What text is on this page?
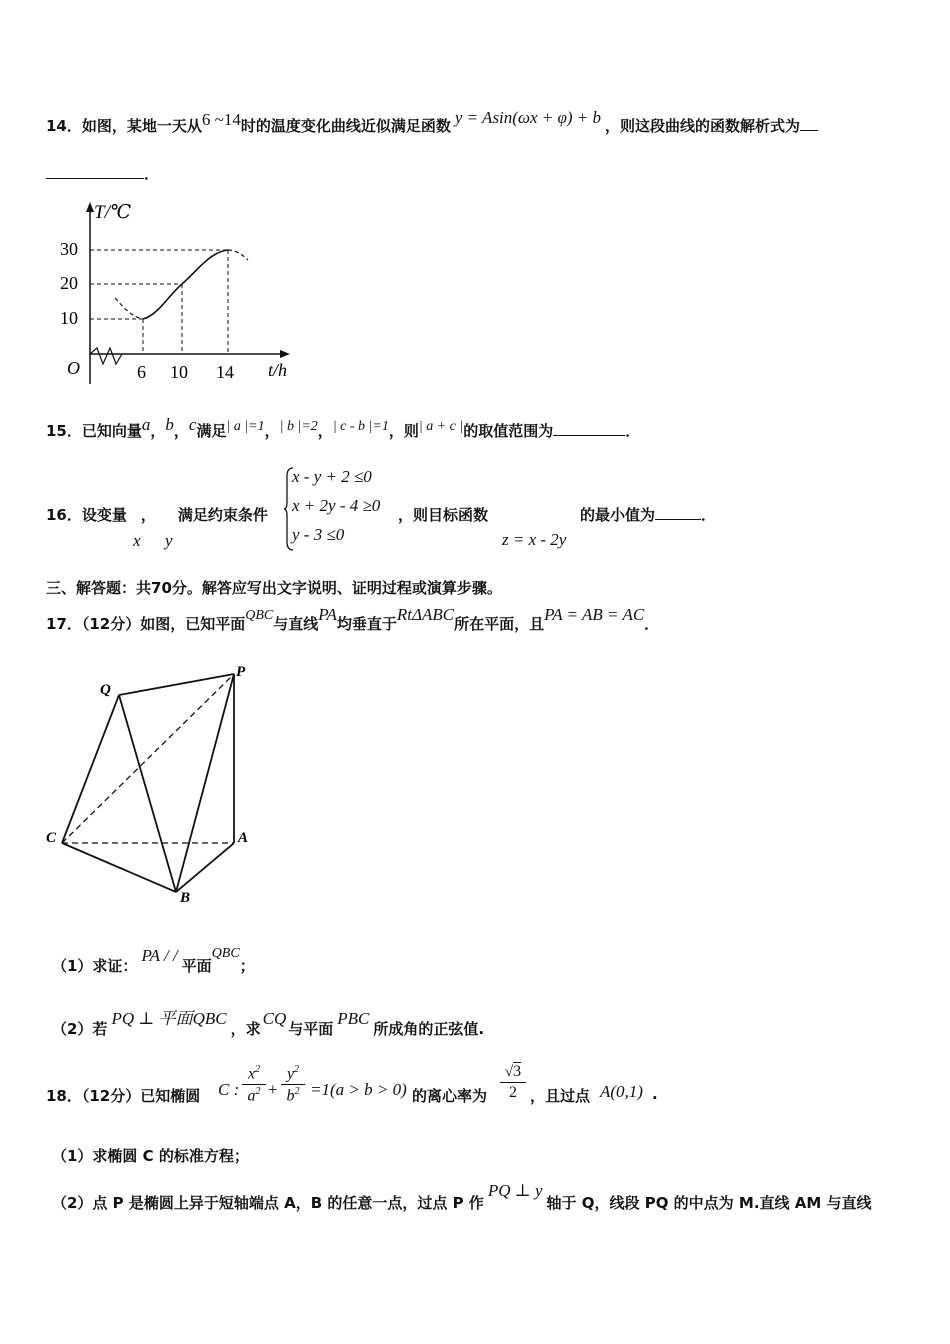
14．如图，某地一天从6 ~14时的温度变化曲线近似满足函数 y = Asin(ωx + φ) + b ，则这段曲线的函数解析式为
．
T/℃
30
20
10
O	6 10 14 t/h
15．已知向量a，b，c满足| a |=1，| b |=2，| c - b |=1，则| a + c |的取值范围为	．
16．设变量 ， 满足约束条件
x y
x - y + 2 ≤0
x + 2y - 4 ≥0
y - 3 ≤0
，则目标函数
z = x - 2y
的最小值为	．
三、解答题：共70分。解答应写出文字说明、证明过程或演算步骤。
17．（12分）如图，已知平面QBC与直线PA均垂直于RtΔABC所在平面，且PA = AB = AC．
Q
P
C	A
B
（1）求证：PA / /平面QBC；
（2）若PQ ⊥ 平面QBC，求CQ与平面PBC所成角的正弦值.
18．（12分）已知椭圆 C :
$x^2$
$a^2$ +
$y^2$
$b^2 =1(a > b > 0)$ 的离心率为
√3
2 ，且过点 A(0,1) .
（1）求椭圆 C 的标准方程；
（2）点 P 是椭圆上异于短轴端点 A，B 的任意一点，过点 P 作PQ ⊥ y轴于 Q，线段 PQ 的中点为 M.直线 AM 与直线
